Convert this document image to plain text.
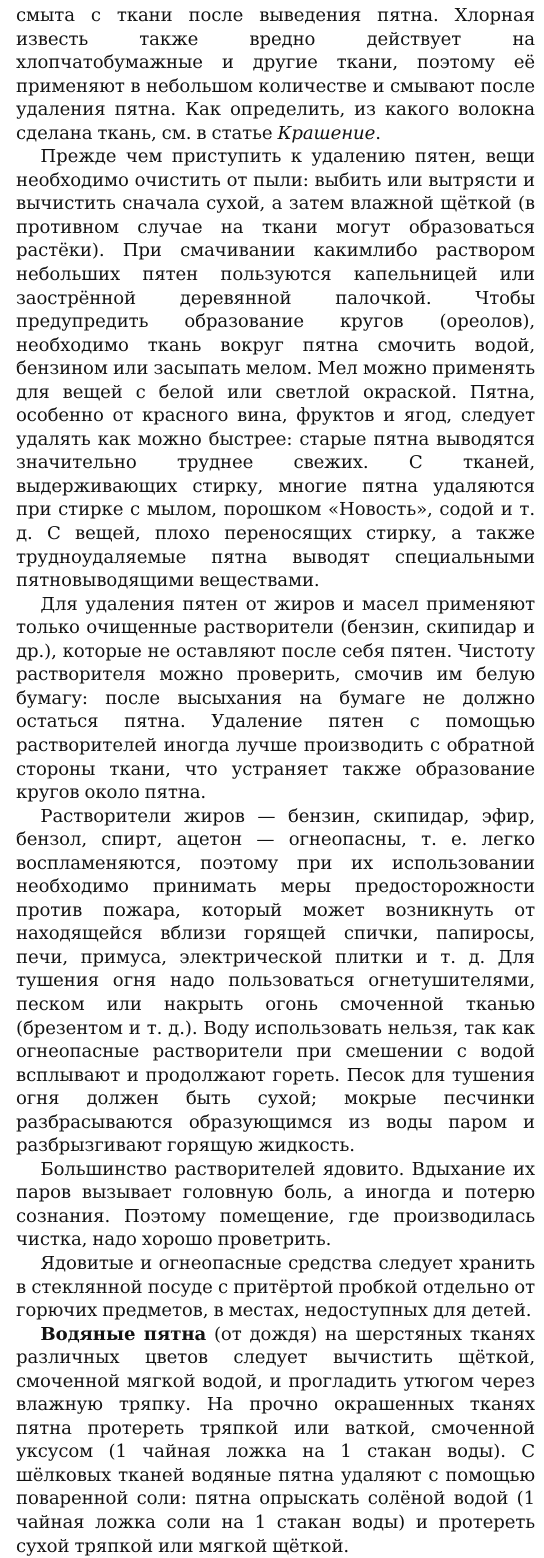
смыта с ткани после выведения пятна. Хлорная известь также вредно действует на хлопчатобумажные и другие ткани, поэтому её применяют в небольшом количестве и смывают после удаления пятна. Как определить, из какого волокна сделана ткань, см. в статье Крашение.

Прежде чем приступить к удалению пятен, вещи необходимо очистить от пыли: выбить или вытрясти и вычистить сначала сухой, а затем влажной щёткой (в противном случае на ткани могут образоваться растёки). При смачивании какимлибо раствором небольших пятен пользуются капельницей или заострённой деревянной палочкой. Чтобы предупредить образование кругов (ореолов), необходимо ткань вокруг пятна смочить водой, бензином или засыпать мелом. Мел можно применять для вещей с белой или светлой окраской. Пятна, особенно от красного вина, фруктов и ягод, следует удалять как можно быстрее: старые пятна выводятся значительно труднее свежих. С тканей, выдерживающих стирку, многие пятна удаляются при стирке с мылом, порошком «Новость», содой и т. д. С вещей, плохо переносящих стирку, а также трудноудаляемые пятна выводят специальными пятновыводящими веществами.

Для удаления пятен от жиров и масел применяют только очищенные растворители (бензин, скипидар и др.), которые не оставляют после себя пятен. Чистоту растворителя можно проверить, смочив им белую бумагу: после высыхания на бумаге не должно остаться пятна. Удаление пятен с помощью растворителей иногда лучше производить с обратной стороны ткани, что устраняет также образование кругов около пятна.

Растворители жиров — бензин, скипидар, эфир, бензол, спирт, ацетон — огнеопасны, т. е. легко воспламеняются, поэтому при их использовании необходимо принимать меры предосторожности против пожара, который может возникнуть от находящейся вблизи горящей спички, папиросы, печи, примуса, электрической плитки и т. д. Для тушения огня надо пользоваться огнетушителями, песком или накрыть огонь смоченной тканью (брезентом и т. д.). Воду использовать нельзя, так как огнеопасные растворители при смешении с водой всплывают и продолжают гореть. Песок для тушения огня должен быть сухой; мокрые песчинки разбрасываются образующимся из воды паром и разбрызгивают горящую жидкость.

Большинство растворителей ядовито. Вдыхание их паров вызывает головную боль, а иногда и потерю сознания. Поэтому помещение, где производилась чистка, надо хорошо проветрить.

Ядовитые и огнеопасные средства следует хранить в стеклянной посуде с притёртой пробкой отдельно от горючих предметов, в местах, недоступных для детей.

Водяные пятна (от дождя) на шерстяных тканях различных цветов следует вычистить щёткой, смоченной мягкой водой, и прогладить утюгом через влажную тряпку. На прочно окрашенных тканях пятна протереть тряпкой или ваткой, смоченной уксусом (1 чайная ложка на 1 стакан воды). С шёлковых тканей водяные пятна удаляют с помощью поваренной соли: пятна опрыскать солёной водой (1 чайная ложка соли на 1 стакан воды) и протереть сухой тряпкой или мягкой щёткой.
